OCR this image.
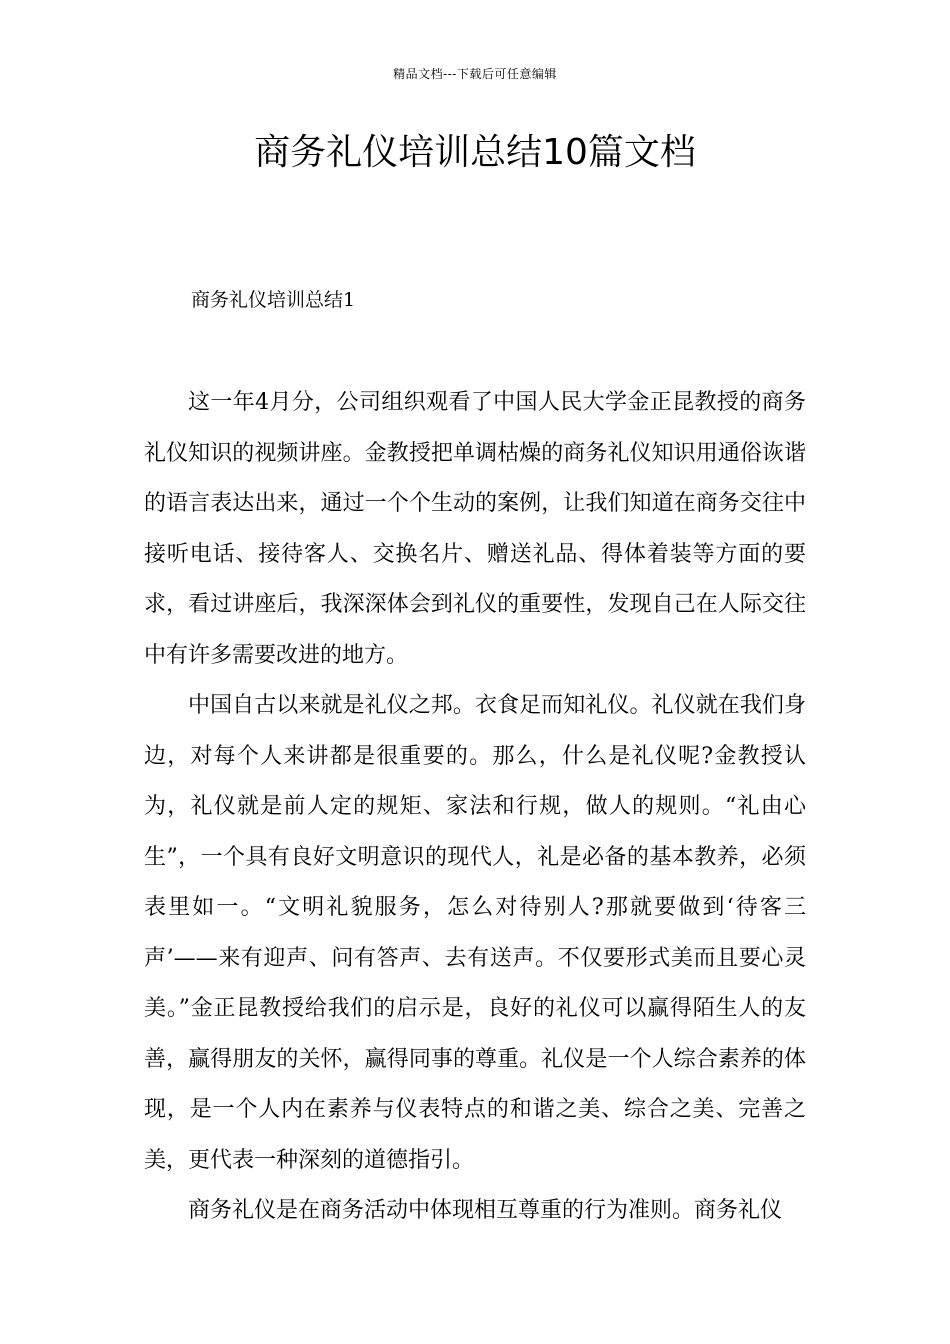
精品文档---下载后可任意编辑
商务礼仪培训总结10篇文档
商务礼仪培训总结1

这一年4月分，公司组织观看了中国人民大学金正昆教授的商务礼仪知识的视频讲座。金教授把单调枯燥的商务礼仪知识用通俗诙谐的语言表达出来，通过一个个生动的案例，让我们知道在商务交往中接听电话、接待客人、交换名片、赠送礼品、得体着装等方面的要求，看过讲座后，我深深体会到礼仪的重要性，发现自己在人际交往中有许多需要改进的地方。

中国自古以来就是礼仪之邦。衣食足而知礼仪。礼仪就在我们身边，对每个人来讲都是很重要的。那么，什么是礼仪呢?金教授认为，礼仪就是前人定的规矩、家法和行规，做人的规则。“礼由心生”，一个具有良好文明意识的现代人，礼是必备的基本教养，必须表里如一。“文明礼貌服务，怎么对待别人?那就要做到‘待客三声’——来有迎声、问有答声、去有送声。不仅要形式美而且要心灵美。”金正昆教授给我们的启示是，良好的礼仪可以赢得陌生人的友善，赢得朋友的关怀，赢得同事的尊重。礼仪是一个人综合素养的体现，是一个人内在素养与仪表特点的和谐之美、综合之美、完善之美，更代表一种深刻的道德指引。

商务礼仪是在商务活动中体现相互尊重的行为准则。商务礼仪
